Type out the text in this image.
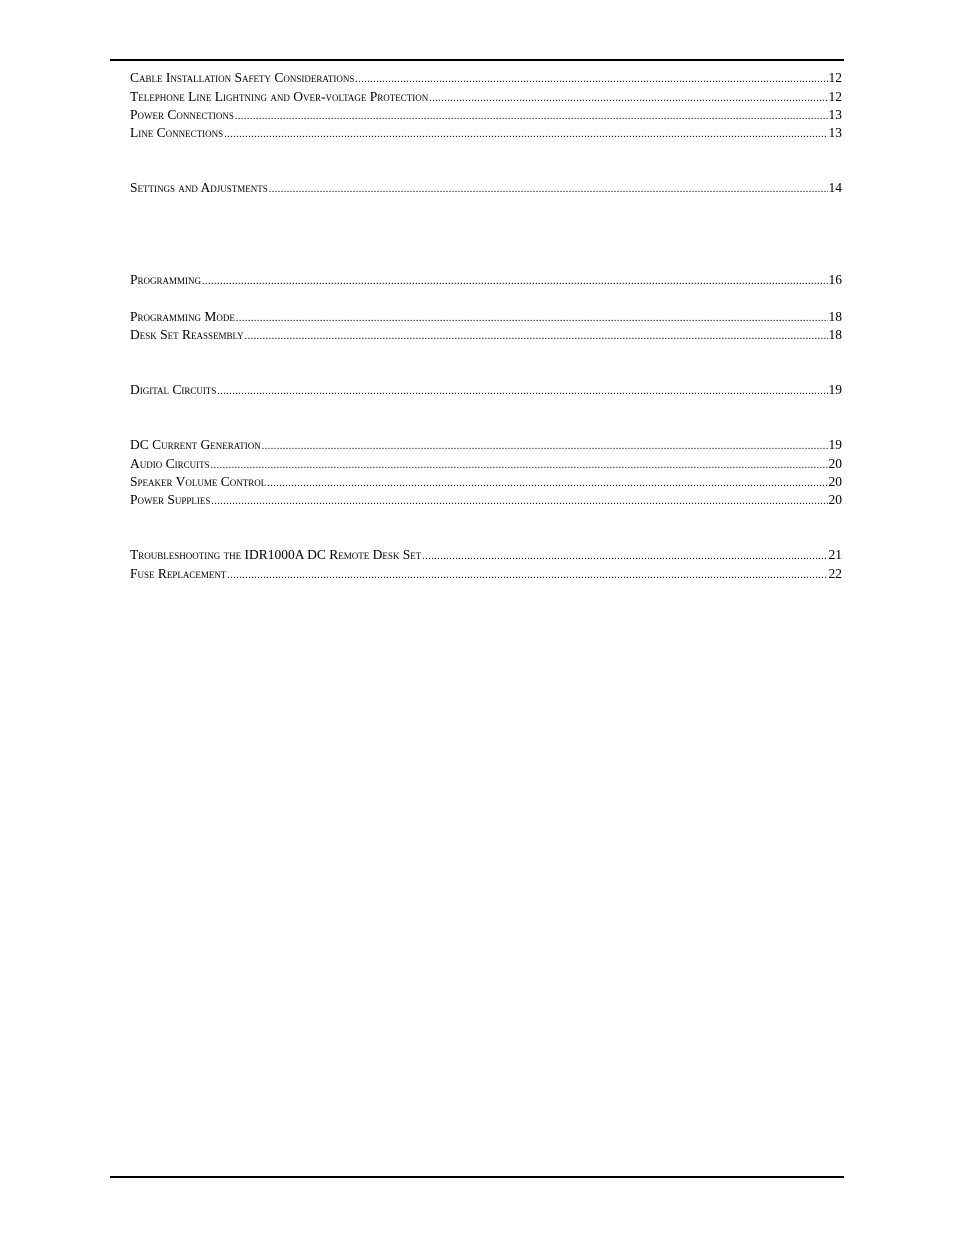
Cable Installation Safety Considerations .....	12
Telephone Line Lightning and Over-voltage Protection .....	12
Power Connections .....	13
Line Connections .....	13
Settings and Adjustments .....	14
Programming .....	16
Programming Mode .....	18
Desk Set Reassembly .....	18
Digital Circuits .....	19
DC Current Generation .....	19
Audio Circuits .....	20
Speaker Volume Control .....	20
Power Supplies .....	20
Troubleshooting the IDR1000A DC Remote Desk Set .....	21
Fuse Replacement .....	22
